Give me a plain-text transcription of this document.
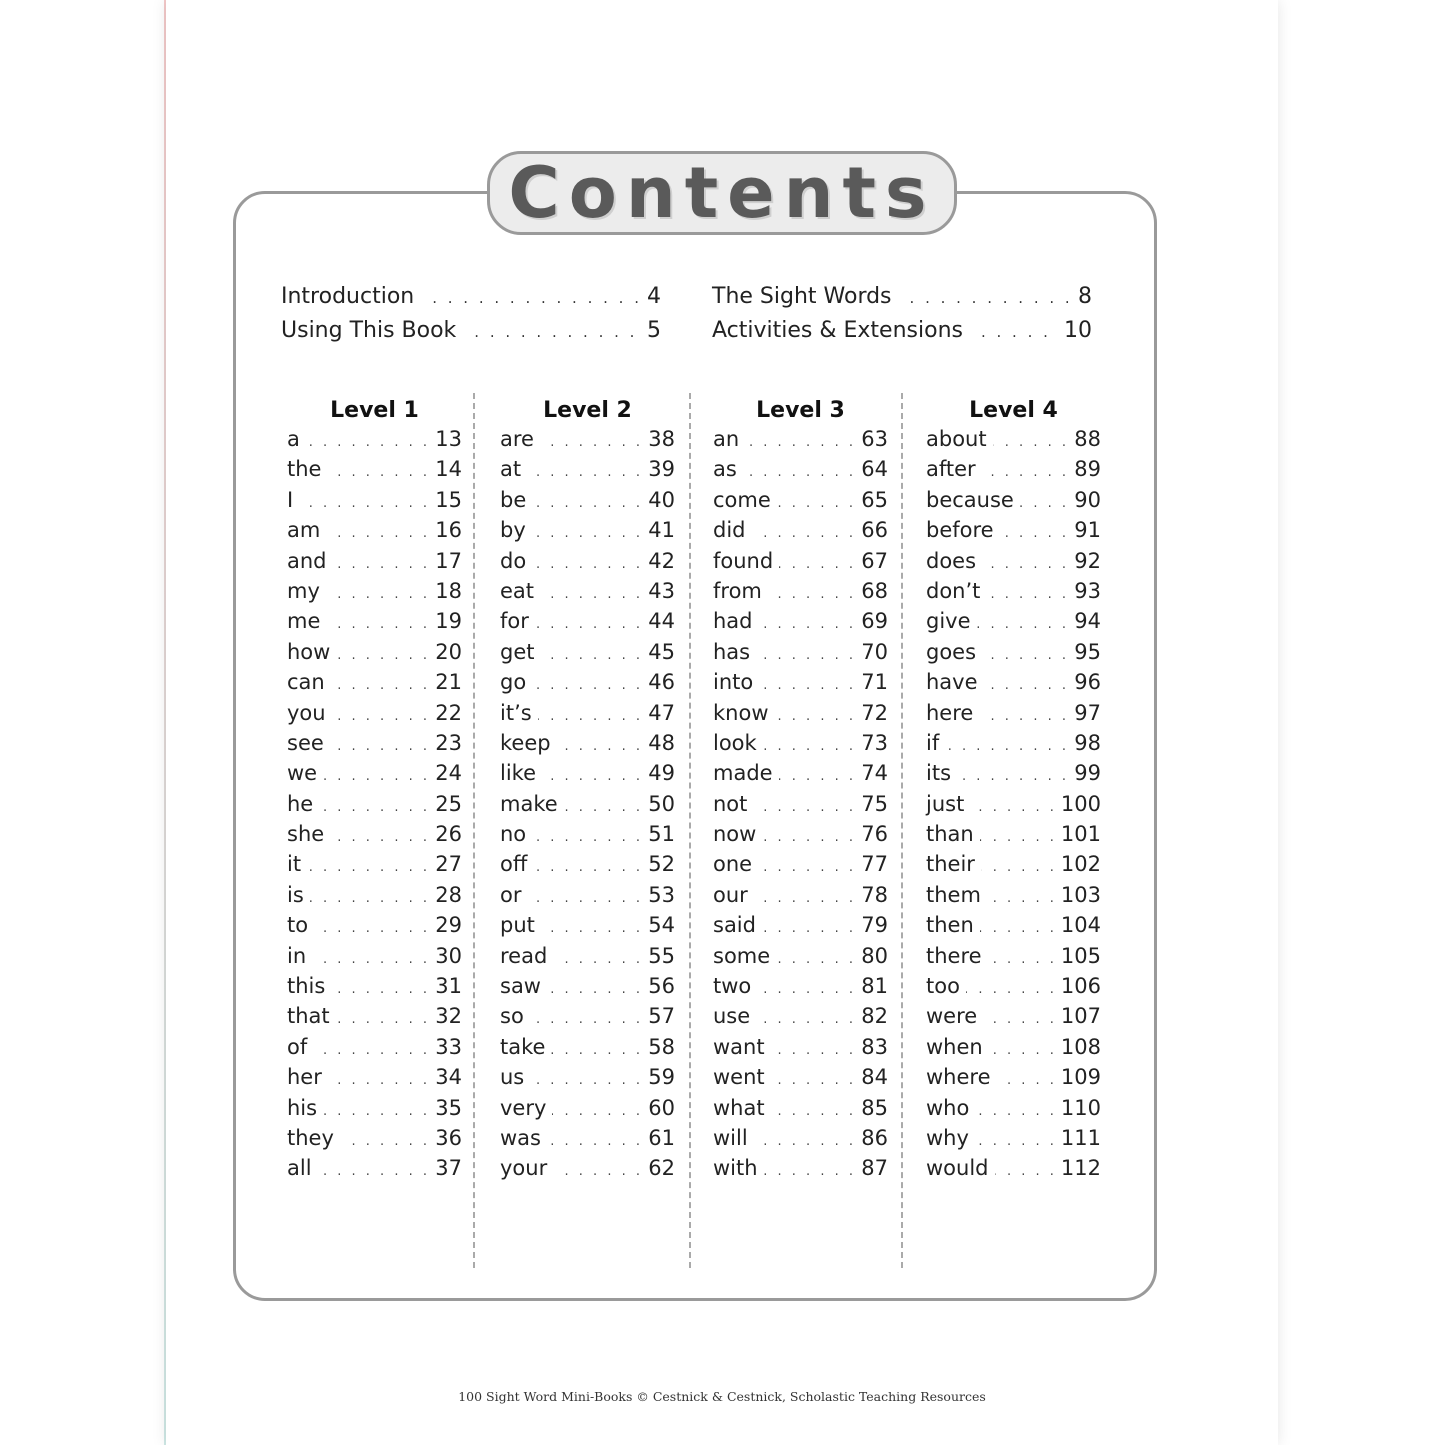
Contents
Introduction . . .	4
Using This Book . . .	5
The Sight Words . . .	8
Activities & Extensions . . .	10
Level 1
a . . .	13
the . . .	14
I . . .	15
am . . .	16
and . . .	17
my . . .	18
me . . .	19
how . . .	20
can . . .	21
you . . .	22
see . . .	23
we . . .	24
he . . .	25
she . . .	26
it . . .	27
is . . .	28
to . . .	29
in . . .	30
this . . .	31
that . . .	32
of . . .	33
her . . .	34
his . . .	35
they . . .	36
all . . .	37
Level 2
are . . .	38
at . . .	39
be . . .	40
by . . .	41
do . . .	42
eat . . .	43
for . . .	44
get . . .	45
go . . .	46
it’s . . .	47
keep . . .	48
like . . .	49
make . . .	50
no . . .	51
off . . .	52
or . . .	53
put . . .	54
read . . .	55
saw . . .	56
so . . .	57
take . . .	58
us . . .	59
very . . .	60
was . . .	61
your . . .	62
Level 3
an . . .	63
as . . .	64
come . . .	65
did . . .	66
found . . .	67
from . . .	68
had . . .	69
has . . .	70
into . . .	71
know . . .	72
look . . .	73
made . . .	74
not . . .	75
now . . .	76
one . . .	77
our . . .	78
said . . .	79
some . . .	80
two . . .	81
use . . .	82
want . . .	83
went . . .	84
what . . .	85
will . . .	86
with . . .	87
Level 4
about . . .	88
after . . .	89
because . . .	90
before . . .	91
does . . .	92
don’t . . .	93
give . . .	94
goes . . .	95
have . . .	96
here . . .	97
if . . .	98
its . . .	99
just . . .	100
than . . .	101
their . . .	102
them . . .	103
then . . .	104
there . . .	105
too . . .	106
were . . .	107
when . . .	108
where . . .	109
who . . .	110
why . . .	111
would . . .	112
100 Sight Word Mini-Books © Cestnick & Cestnick, Scholastic Teaching Resources
